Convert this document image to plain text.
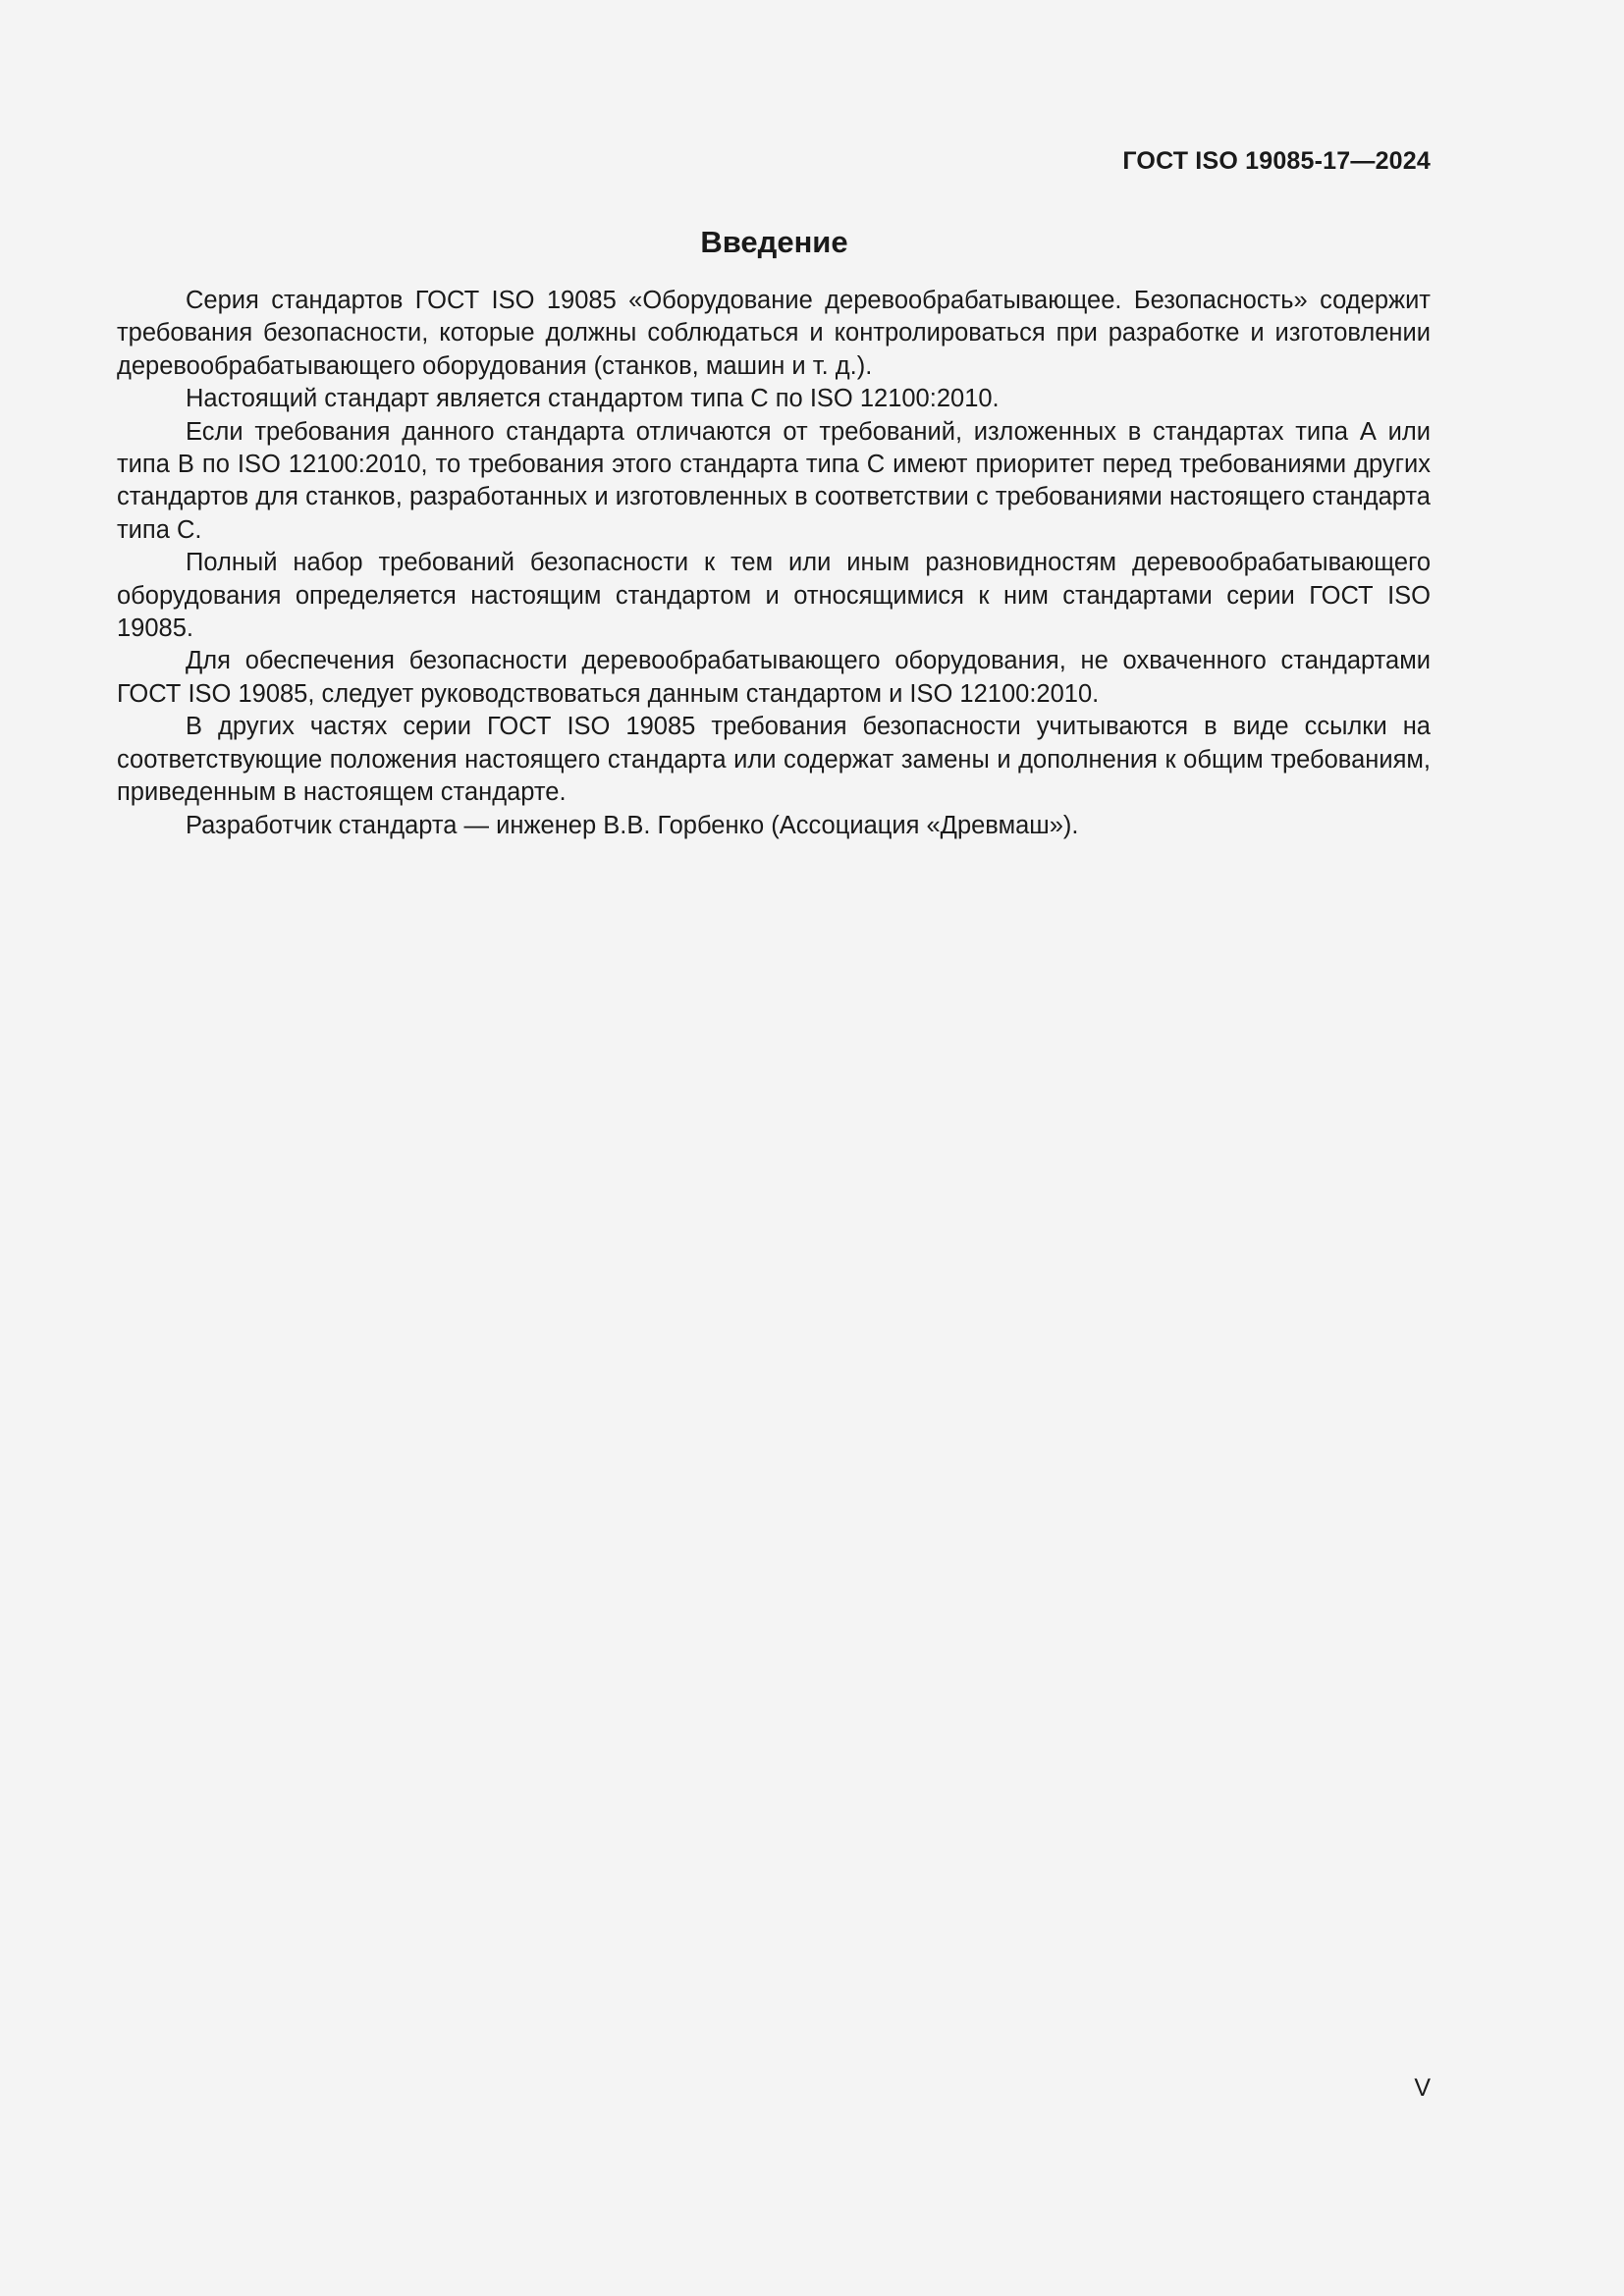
ГОСТ ISO 19085-17—2024
Введение

Серия стандартов ГОСТ ISO 19085 «Оборудование деревообрабатывающее. Безопасность» содержит требования безопасности, которые должны соблюдаться и контролироваться при разработке и изготовлении деревообрабатывающего оборудования (станков, машин и т. д.).

Настоящий стандарт является стандартом типа С по ISO 12100:2010.

Если требования данного стандарта отличаются от требований, изложенных в стандартах типа А или типа В по ISO 12100:2010, то требования этого стандарта типа С имеют приоритет перед требованиями других стандартов для станков, разработанных и изготовленных в соответствии с требованиями настоящего стандарта типа С.

Полный набор требований безопасности к тем или иным разновидностям деревообрабатывающего оборудования определяется настоящим стандартом и относящимися к ним стандартами серии ГОСТ ISO 19085.

Для обеспечения безопасности деревообрабатывающего оборудования, не охваченного стандартами ГОСТ ISO 19085, следует руководствоваться данным стандартом и ISO 12100:2010.

В других частях серии ГОСТ ISO 19085 требования безопасности учитываются в виде ссылки на соответствующие положения настоящего стандарта или содержат замены и дополнения к общим требованиям, приведенным в настоящем стандарте.

Разработчик стандарта — инженер В.В. Горбенко (Ассоциация «Древмаш»).

V
